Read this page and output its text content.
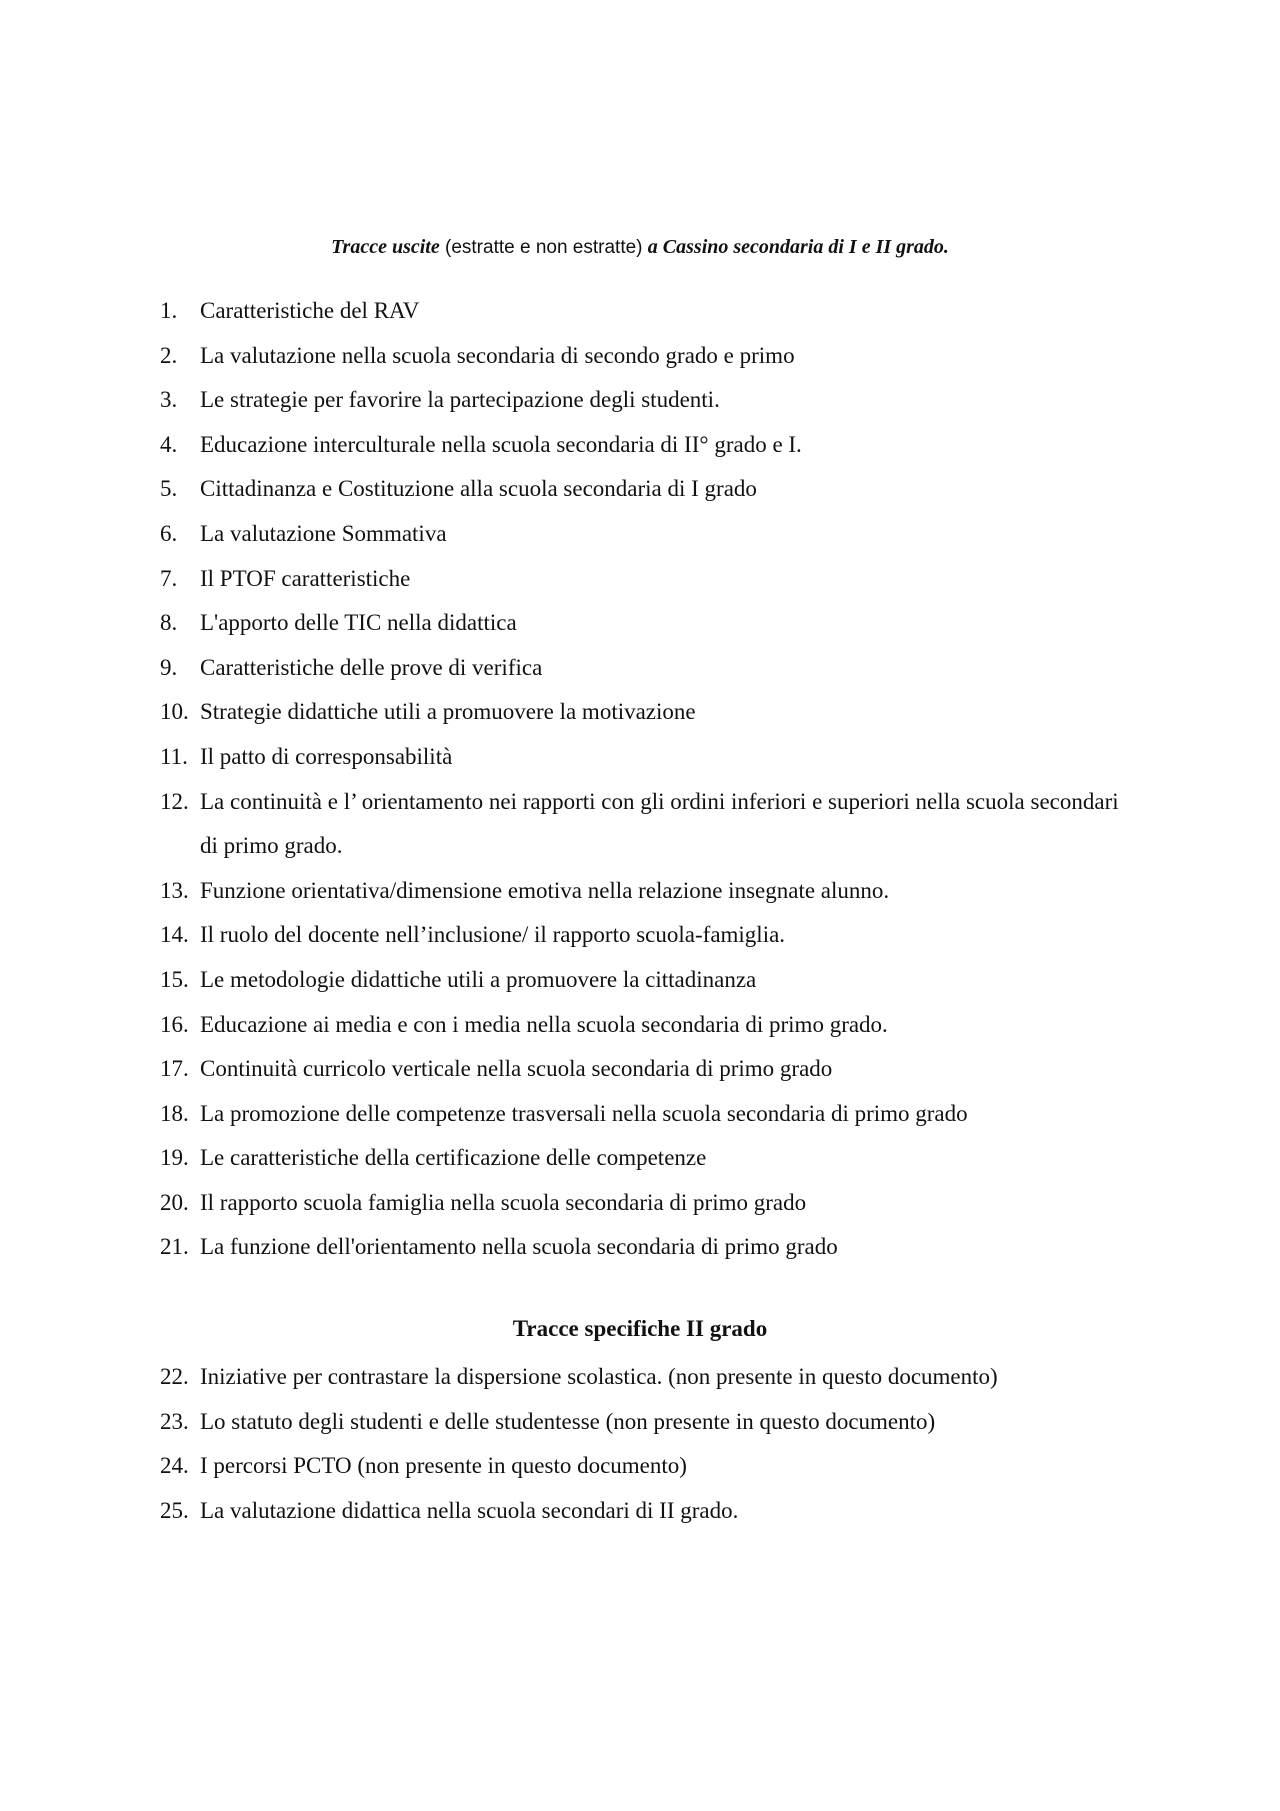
Tracce uscite (estratte e non estratte) a Cassino secondaria di I e II grado.

1. Caratteristiche del RAV
2. La valutazione nella scuola secondaria di secondo grado e primo
3. Le strategie per favorire la partecipazione degli studenti.
4. Educazione interculturale nella scuola secondaria di II° grado e I.
5. Cittadinanza e Costituzione alla scuola secondaria di I grado
6. La valutazione Sommativa
7. Il PTOF caratteristiche
8. L'apporto delle TIC nella didattica
9. Caratteristiche delle prove di verifica
10. Strategie didattiche utili a promuovere la motivazione
11. Il patto di corresponsabilità
12. La continuità e l’ orientamento nei rapporti con gli ordini inferiori e superiori nella scuola secondari di primo grado.
13. Funzione orientativa/dimensione emotiva nella relazione insegnate alunno.
14. Il ruolo del docente nell’inclusione/ il rapporto scuola-famiglia.
15. Le metodologie didattiche utili a promuovere la cittadinanza
16. Educazione ai media e con i media nella scuola secondaria di primo grado.
17. Continuità curricolo verticale nella scuola secondaria di primo grado
18. La promozione delle competenze trasversali nella scuola secondaria di primo grado
19. Le caratteristiche della certificazione delle competenze
20. Il rapporto scuola famiglia nella scuola secondaria di primo grado
21. La funzione dell'orientamento nella scuola secondaria di primo grado

Tracce specifiche II grado

22. Iniziative per contrastare la dispersione scolastica. (non presente in questo documento)
23. Lo statuto degli studenti e delle studentesse (non presente in questo documento)
24. I percorsi PCTO (non presente in questo documento)
25. La valutazione didattica nella scuola secondari di II grado.
